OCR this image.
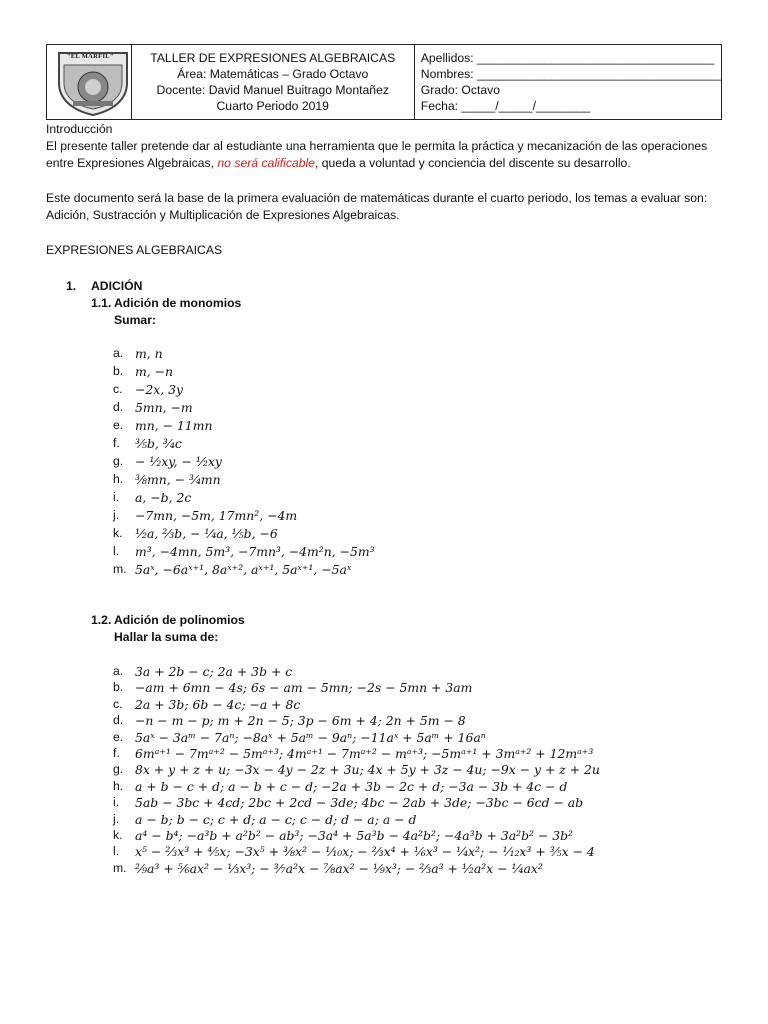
"EL MARFIL"	TALLER DE EXPRESIONES ALGEBRAICAS
Área: Matemáticas – Grado Octavo
Docente: David Manuel Buitrago Montañez
Cuarto Periodo 2019
Apellidos: ___________________________________
Nombres: ____________________________________
Grado: Octavo
Fecha: _____/_____/________
Introducción
El presente taller pretende dar al estudiante una herramienta que le permita la práctica y mecanización de las operaciones
entre Expresiones Algebraicas, no será calificable, queda a voluntad y conciencia del discente su desarrollo.
Este documento será la base de la primera evaluación de matemáticas durante el cuarto periodo, los temas a evaluar son:
Adición, Sustracción y Multiplicación de Expresiones Algebraicas.
EXPRESIONES ALGEBRAICAS
1. ADICIÓN
1.1. Adición de monomios
Sumar:
a. m, n
b. m, −n
c.	−2x, 3y
d. 5mn, −m
e. mn, − 11mn
f.	³⁄₅b, ³⁄₄c
g. − ¹⁄₂xy, − ¹⁄₂xy
h. ³⁄₈mn, − ³⁄₄mn
i.	a, −b, 2c
j.	−7mn, −5m, 17mn², −4m
k.	¹⁄₂a, ²⁄₃b, − ¹⁄₄a, ¹⁄₅b, −6
l.	m³, −4mn, 5m³, −7mn³, −4m²n, −5m³
m. 5aˣ, −6aˣ⁺¹, 8aˣ⁺², aˣ⁺¹, 5aˣ⁺¹, −5aˣ
1.2. Adición de polinomios
Hallar la suma de:
a. 3a + 2b − c; 2a + 3b + c
b. −am + 6mn − 4s; 6s − am − 5mn; −2s − 5mn + 3am
c.	2a + 3b; 6b − 4c; −a + 8c
d. −n − m − p; m + 2n − 5; 3p − 6m + 4; 2n + 5m − 8
e. 5aˣ − 3aᵐ − 7aⁿ; −8aˣ + 5aᵐ − 9aⁿ; −11aˣ + 5aᵐ + 16aⁿ
f.	6mᵃ⁺¹ − 7mᵃ⁺² − 5mᵃ⁺³; 4mᵃ⁺¹ − 7mᵃ⁺² − mᵃ⁺³; −5mᵃ⁺¹ + 3mᵃ⁺² + 12mᵃ⁺³
g. 8x + y + z + u; −3x − 4y − 2z + 3u; 4x + 5y + 3z − 4u; −9x − y + z + 2u
h. a + b − c + d; a − b + c − d; −2a + 3b − 2c + d; −3a − 3b + 4c − d
i.	5ab − 3bc + 4cd; 2bc + 2cd − 3de; 4bc − 2ab + 3de; −3bc − 6cd − ab
j.	a − b; b − c; c + d; a − c; c − d; d − a; a − d
k.	a⁴ − b⁴; −a³b + a²b² − ab³; −3a⁴ + 5a³b − 4a²b²; −4a³b + 3a²b² − 3b²
l.	x⁵ − ²⁄₃x³ + ⁴⁄₅x; −3x⁵ + ³⁄₈x² − ¹⁄₁₀x; − ²⁄₃x⁴ + ¹⁄₆x³ − ¹⁄₄x²; − ¹⁄₁₂x³ + ³⁄₅x − 4
m. ²⁄₉a³ + ⁵⁄₆ax² − ¹⁄₃x³; − ³⁄₇a²x − ⁷⁄₈ax² − ¹⁄₉x³; − ²⁄₃a³ + ¹⁄₂a²x − ¹⁄₄ax²
